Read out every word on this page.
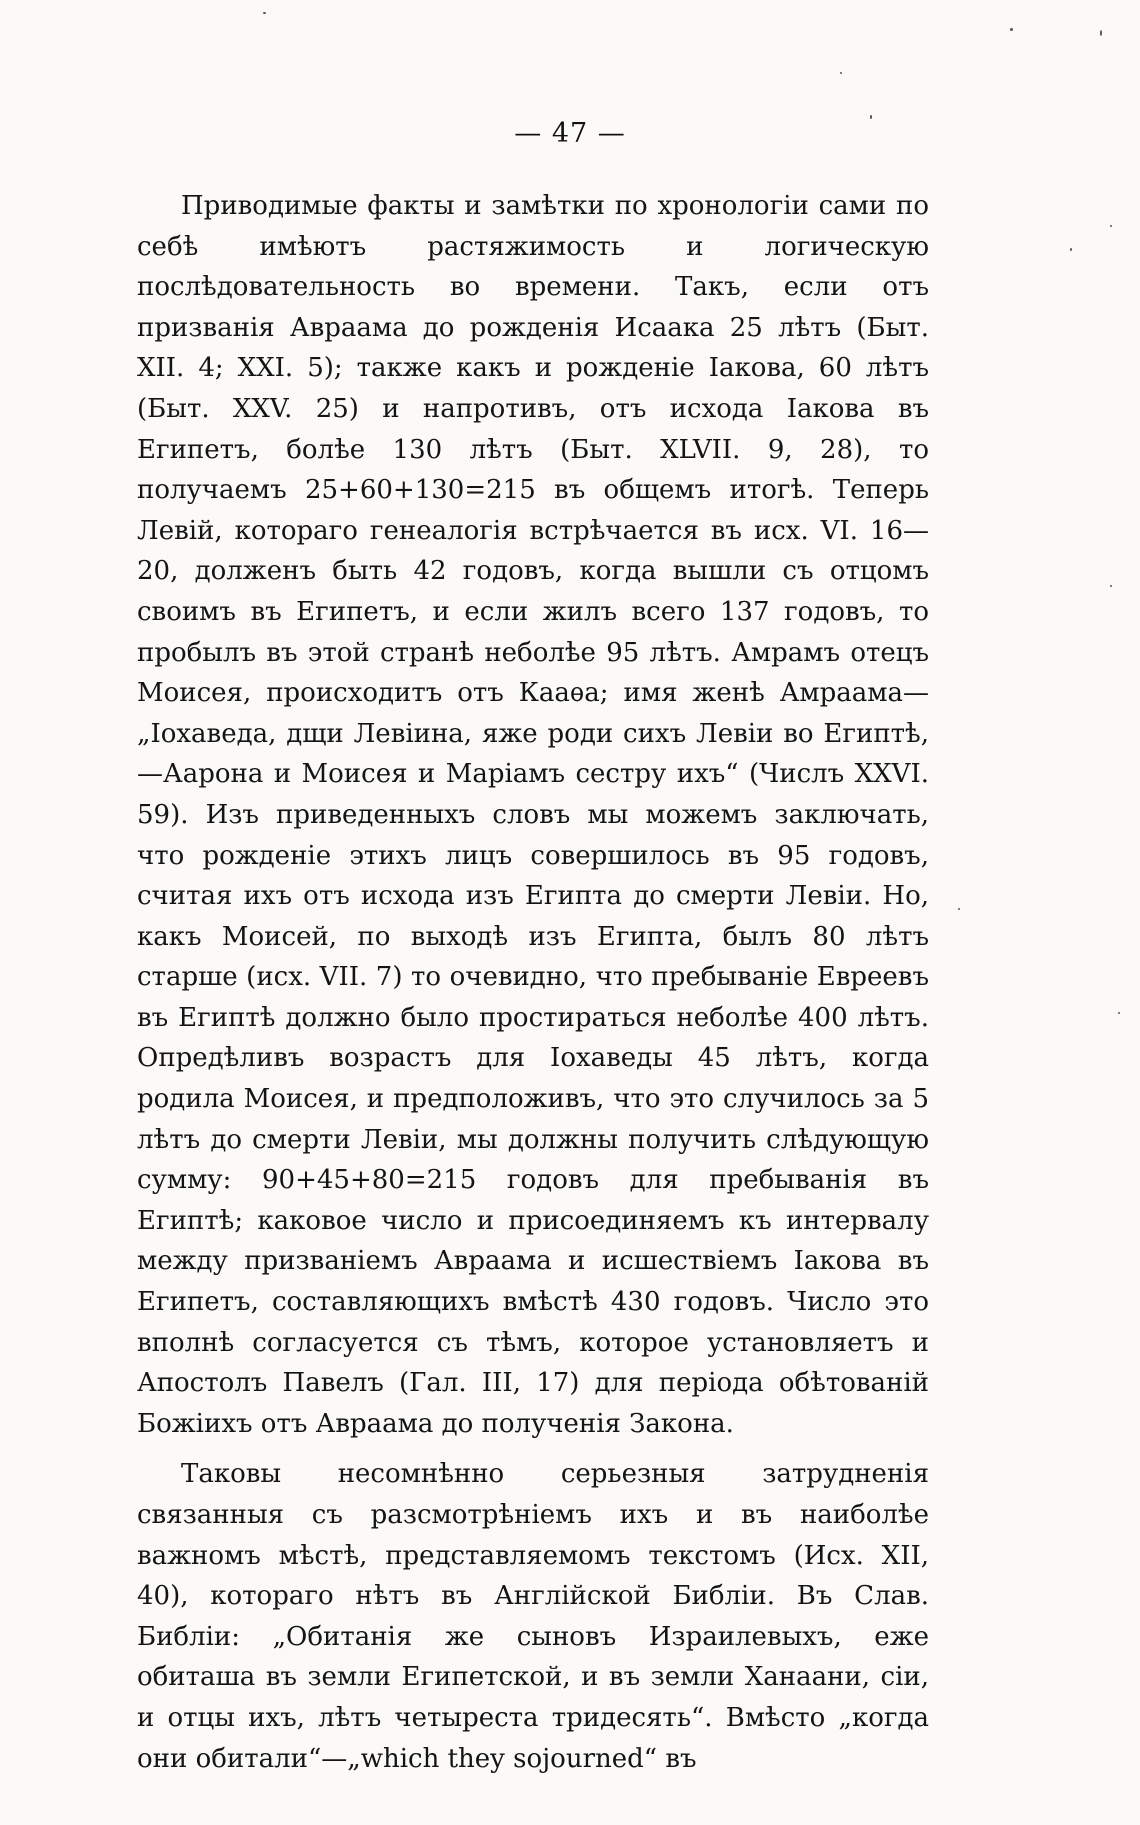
— 47 —

Приводимые факты и замѣтки по хронологіи сами по себѣ имѣютъ растяжимость и логическую послѣдовательность во времени. Такъ, если отъ призванія Авраама до рожденія Исаака 25 лѣтъ (Быт. XII. 4; XXI. 5); также какъ и рожденіе Іакова, 60 лѣтъ (Быт. XXV. 25) и напротивъ, отъ исхода Іакова въ Египетъ, болѣе 130 лѣтъ (Быт. XLVII. 9, 28), то получаемъ 25+60+130=215 въ общемъ итогѣ. Теперь Левій, котораго генеалогія встрѣчается въ исх. VI. 16—20, долженъ быть 42 годовъ, когда вышли съ отцомъ своимъ въ Египетъ, и если жилъ всего 137 годовъ, то пробылъ въ этой странѣ неболѣе 95 лѣтъ. Амрамъ отецъ Моисея, происходитъ отъ Кааѳа; имя женѣ Амраама—„Іохаведа, дщи Левіина, яже роди сихъ Левіи во Египтѣ,—Аарона и Моисея и Маріамъ сестру ихъ“ (Числъ XXVI. 59). Изъ приведенныхъ словъ мы можемъ заключать, что рожденіе этихъ лицъ совершилось въ 95 годовъ, считая ихъ отъ исхода изъ Египта до смерти Левіи. Но, какъ Моисей, по выходѣ изъ Египта, былъ 80 лѣтъ старше (исх. VII. 7) то очевидно, что пребываніе Евреевъ въ Египтѣ должно было простираться неболѣе 400 лѣтъ. Опредѣливъ возрастъ для Іохаведы 45 лѣтъ, когда родила Моисея, и предположивъ, что это случилось за 5 лѣтъ до смерти Левіи, мы должны получить слѣдующую сумму: 90+45+80=215 годовъ для пребыванія въ Египтѣ; каковое число и присоединяемъ къ интервалу между призваніемъ Авраама и исшествіемъ Іакова въ Египетъ, составляющихъ вмѣстѣ 430 годовъ. Число это вполнѣ согласуется съ тѣмъ, которое установляетъ и Апостолъ Павелъ (Гал. III, 17) для періода обѣтованій Божіихъ отъ Авраама до полученія Закона.

Таковы несомнѣнно серьезныя затрудненія связанныя съ разсмотрѣніемъ ихъ и въ наиболѣе важномъ мѣстѣ, представляемомъ текстомъ (Исх. XII, 40), котораго нѣтъ въ Англійской Библіи. Въ Слав. Библіи: „Обитанія же сыновъ Израилевыхъ, еже обиташа въ земли Египетской, и въ земли Ханаани, сіи, и отцы ихъ, лѣтъ четыреста тридесять“. Вмѣсто „когда они обитали“—„which they sojourned“ въ
